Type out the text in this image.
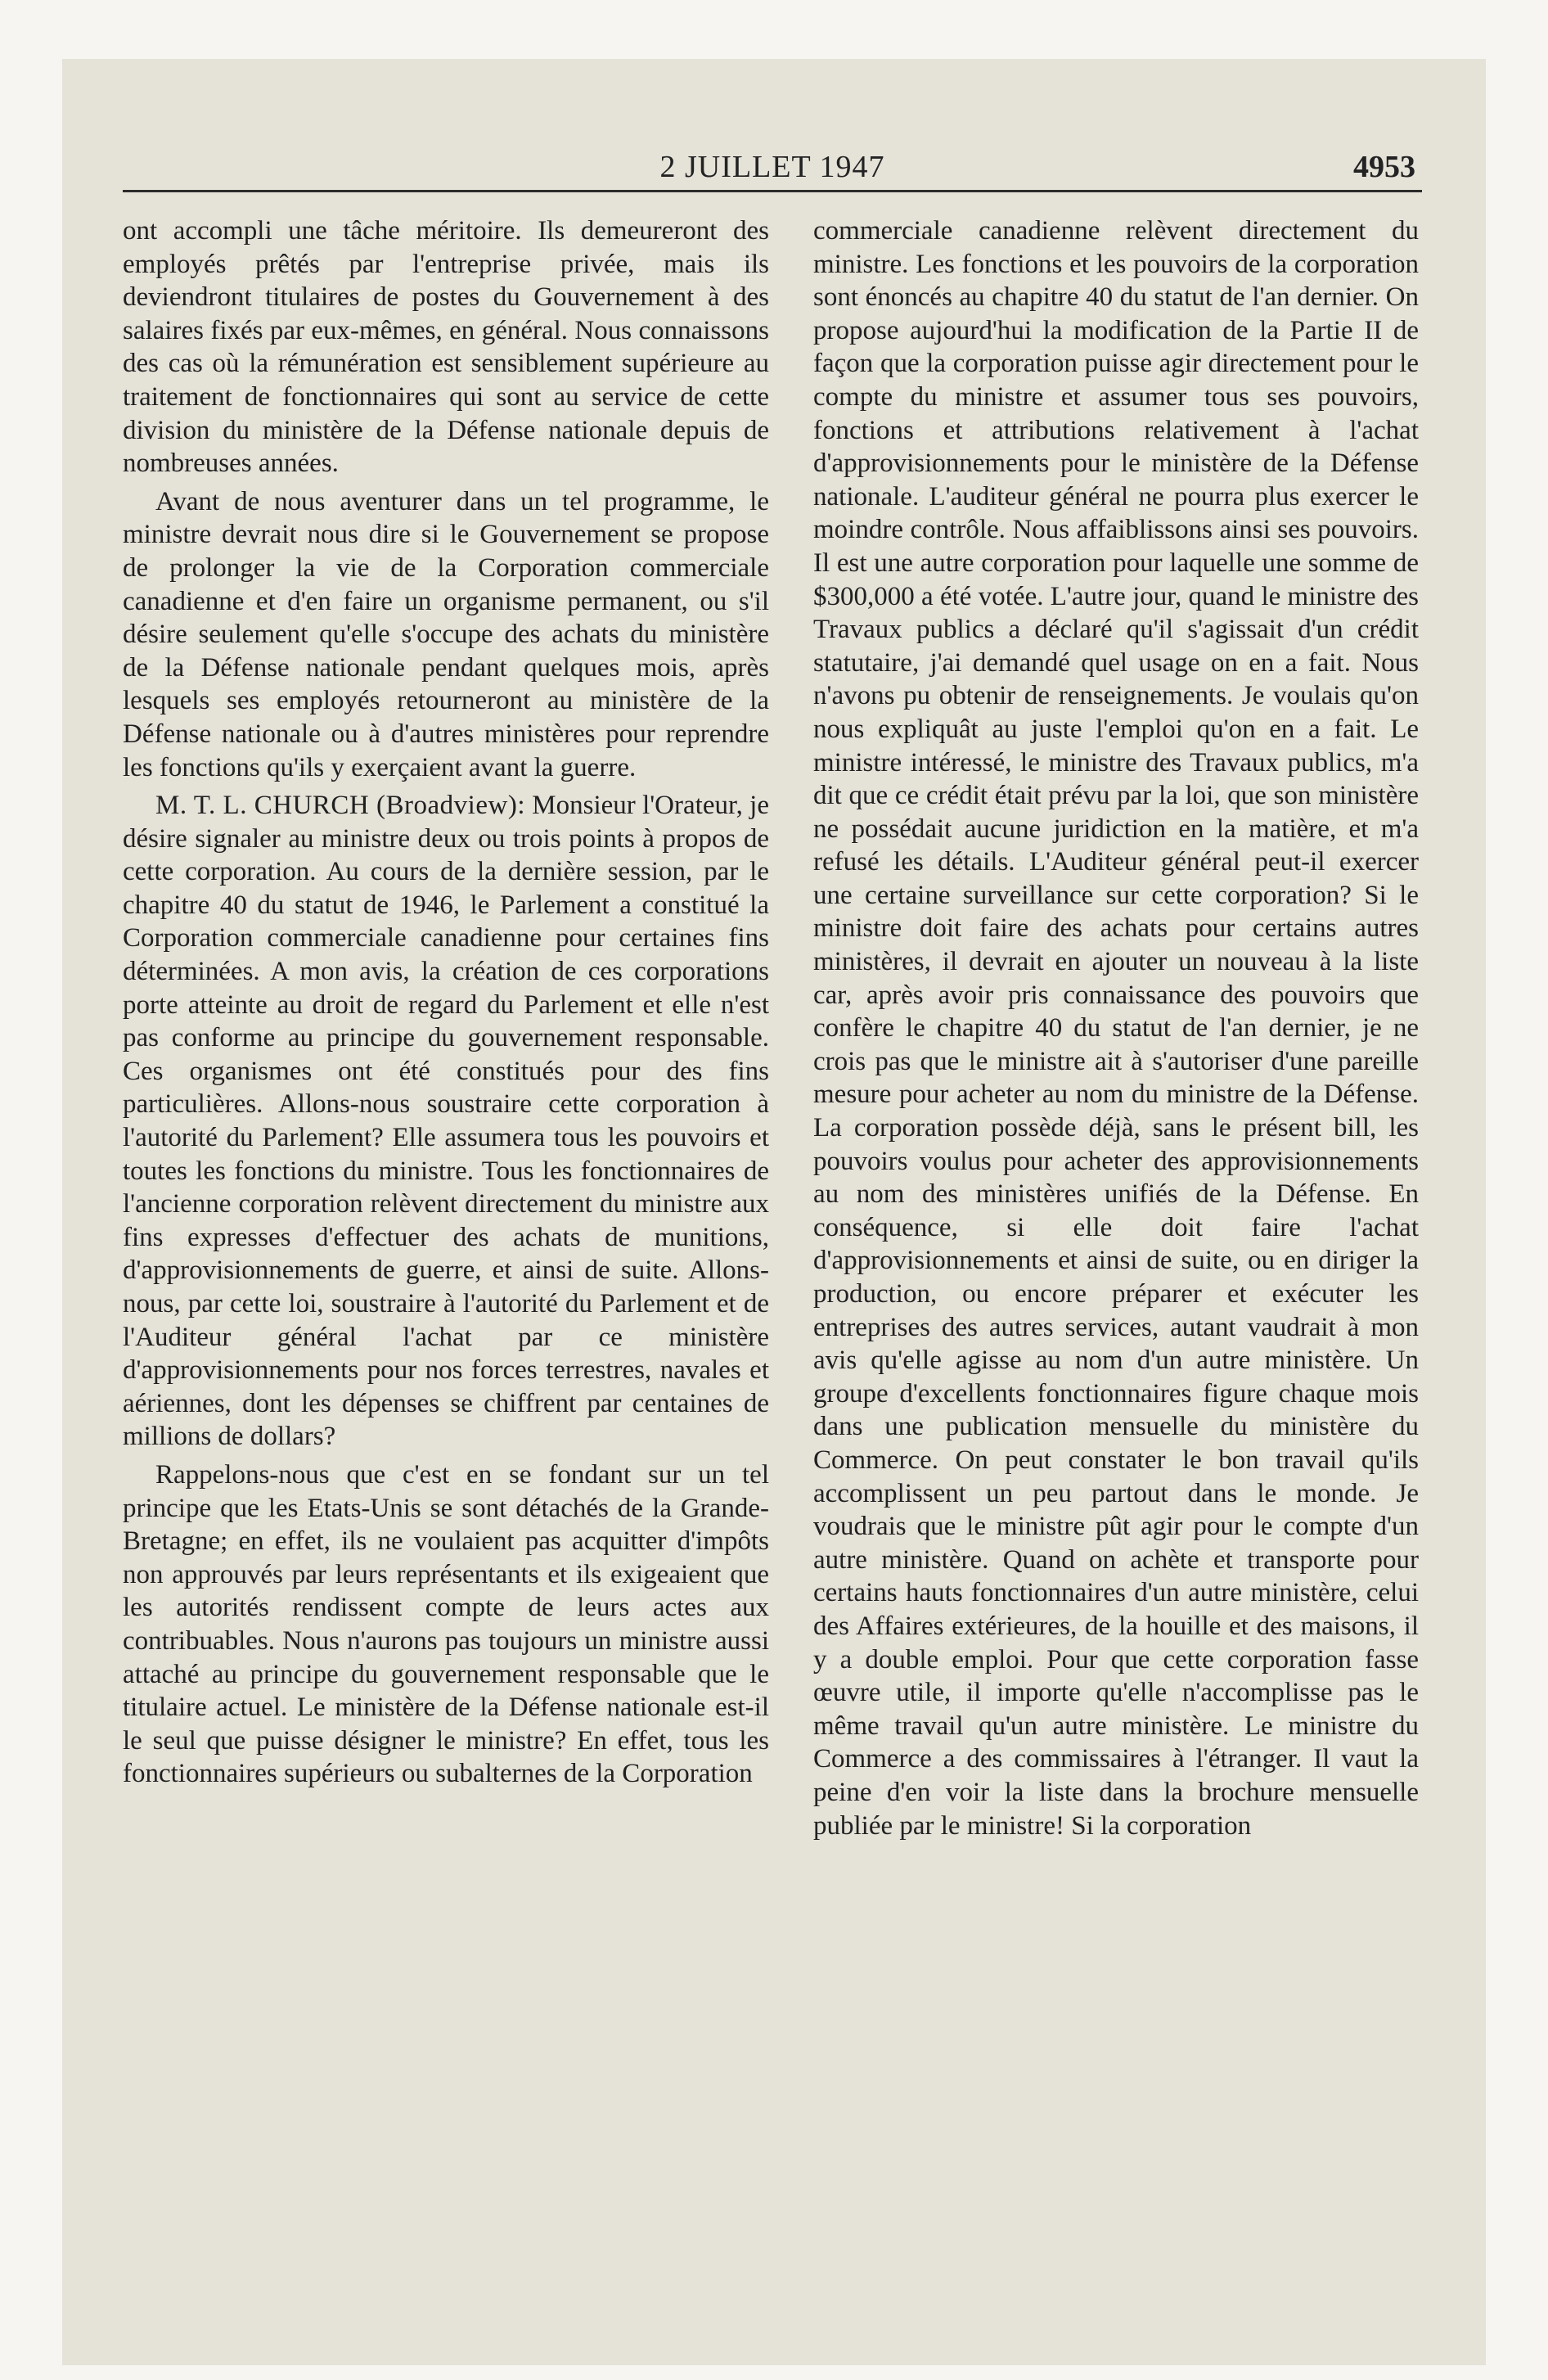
2 JUILLET 1947	4953

ont accompli une tâche méritoire. Ils demeureront des employés prêtés par l'entreprise privée, mais ils deviendront titulaires de postes du Gouvernement à des salaires fixés par eux-mêmes, en général. Nous connaissons des cas où la rémunération est sensiblement supérieure au traitement de fonctionnaires qui sont au service de cette division du ministère de la Défense nationale depuis de nombreuses années.

Avant de nous aventurer dans un tel programme, le ministre devrait nous dire si le Gouvernement se propose de prolonger la vie de la Corporation commerciale canadienne et d'en faire un organisme permanent, ou s'il désire seulement qu'elle s'occupe des achats du ministère de la Défense nationale pendant quelques mois, après lesquels ses employés retourneront au ministère de la Défense nationale ou à d'autres ministères pour reprendre les fonctions qu'ils y exerçaient avant la guerre.

M. T. L. CHURCH (Broadview): Monsieur l'Orateur, je désire signaler au ministre deux ou trois points à propos de cette corporation. Au cours de la dernière session, par le chapitre 40 du statut de 1946, le Parlement a constitué la Corporation commerciale canadienne pour certaines fins déterminées. A mon avis, la création de ces corporations porte atteinte au droit de regard du Parlement et elle n'est pas conforme au principe du gouvernement responsable. Ces organismes ont été constitués pour des fins particulières. Allons-nous soustraire cette corporation à l'autorité du Parlement? Elle assumera tous les pouvoirs et toutes les fonctions du ministre. Tous les fonctionnaires de l'ancienne corporation relèvent directement du ministre aux fins expresses d'effectuer des achats de munitions, d'approvisionnements de guerre, et ainsi de suite. Allons-nous, par cette loi, soustraire à l'autorité du Parlement et de l'Auditeur général l'achat par ce ministère d'approvisionnements pour nos forces terrestres, navales et aériennes, dont les dépenses se chiffrent par centaines de millions de dollars?

Rappelons-nous que c'est en se fondant sur un tel principe que les Etats-Unis se sont détachés de la Grande-Bretagne; en effet, ils ne voulaient pas acquitter d'impôts non approuvés par leurs représentants et ils exigeaient que les autorités rendissent compte de leurs actes aux contribuables. Nous n'aurons pas toujours un ministre aussi attaché au principe du gouvernement responsable que le titulaire actuel. Le ministère de la Défense nationale est-il le seul que puisse désigner le ministre? En effet, tous les fonctionnaires supérieurs ou subalternes de la Corporation

commerciale canadienne relèvent directement du ministre. Les fonctions et les pouvoirs de la corporation sont énoncés au chapitre 40 du statut de l'an dernier. On propose aujourd'hui la modification de la Partie II de façon que la corporation puisse agir directement pour le compte du ministre et assumer tous ses pouvoirs, fonctions et attributions relativement à l'achat d'approvisionnements pour le ministère de la Défense nationale. L'auditeur général ne pourra plus exercer le moindre contrôle. Nous affaiblissons ainsi ses pouvoirs. Il est une autre corporation pour laquelle une somme de $300,000 a été votée. L'autre jour, quand le ministre des Travaux publics a déclaré qu'il s'agissait d'un crédit statutaire, j'ai demandé quel usage on en a fait. Nous n'avons pu obtenir de renseignements. Je voulais qu'on nous expliquât au juste l'emploi qu'on en a fait. Le ministre intéressé, le ministre des Travaux publics, m'a dit que ce crédit était prévu par la loi, que son ministère ne possédait aucune juridiction en la matière, et m'a refusé les détails. L'Auditeur général peut-il exercer une certaine surveillance sur cette corporation? Si le ministre doit faire des achats pour certains autres ministères, il devrait en ajouter un nouveau à la liste car, après avoir pris connaissance des pouvoirs que confère le chapitre 40 du statut de l'an dernier, je ne crois pas que le ministre ait à s'autoriser d'une pareille mesure pour acheter au nom du ministre de la Défense. La corporation possède déjà, sans le présent bill, les pouvoirs voulus pour acheter des approvisionnements au nom des ministères unifiés de la Défense. En conséquence, si elle doit faire l'achat d'approvisionnements et ainsi de suite, ou en diriger la production, ou encore préparer et exécuter les entreprises des autres services, autant vaudrait à mon avis qu'elle agisse au nom d'un autre ministère. Un groupe d'excellents fonctionnaires figure chaque mois dans une publication mensuelle du ministère du Commerce. On peut constater le bon travail qu'ils accomplissent un peu partout dans le monde. Je voudrais que le ministre pût agir pour le compte d'un autre ministère. Quand on achète et transporte pour certains hauts fonctionnaires d'un autre ministère, celui des Affaires extérieures, de la houille et des maisons, il y a double emploi. Pour que cette corporation fasse œuvre utile, il importe qu'elle n'accomplisse pas le même travail qu'un autre ministère. Le ministre du Commerce a des commissaires à l'étranger. Il vaut la peine d'en voir la liste dans la brochure mensuelle publiée par le ministre! Si la corporation
